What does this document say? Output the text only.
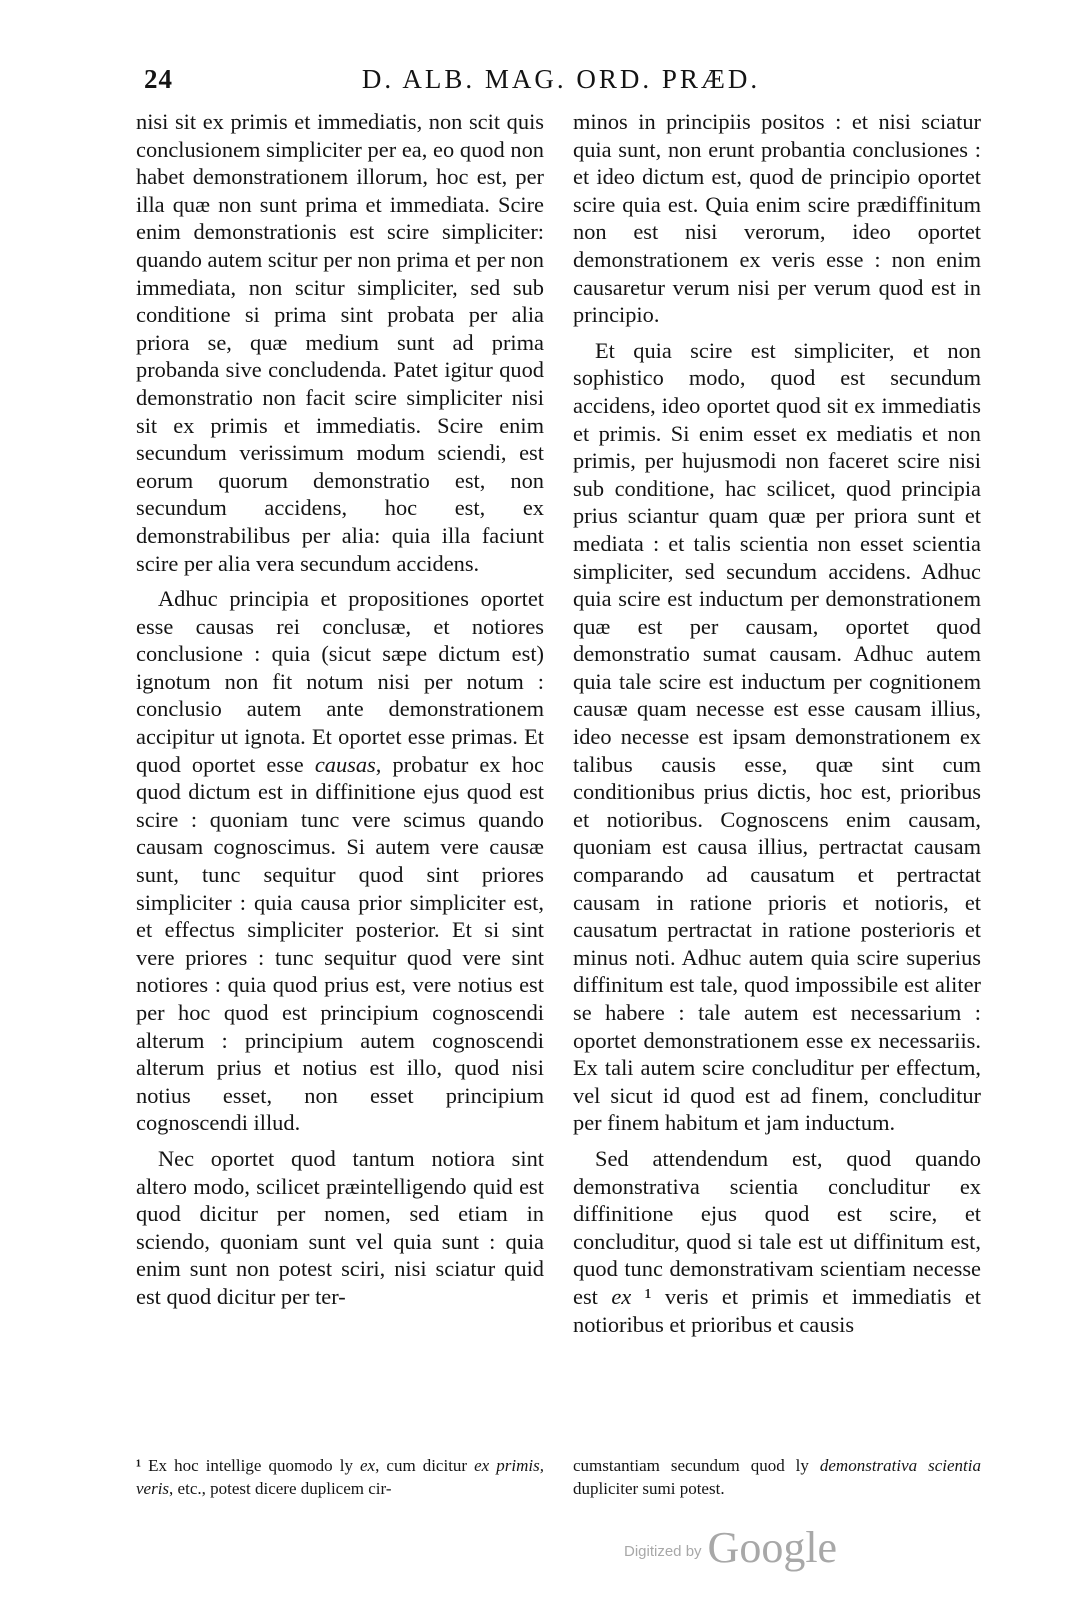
24	D. ALB. MAG. ORD. PRÆD.

nisi sit ex primis et immediatis, non scit quis conclusionem simpliciter per ea, eo quod non habet demonstrationem illorum, hoc est, per illa quæ non sunt prima et immediata. Scire enim demonstrationis est scire simpliciter: quando autem scitur per non prima et per non immediata, non scitur simpliciter, sed sub conditione si prima sint probata per alia priora se, quæ medium sunt ad prima probanda sive concludenda. Patet igitur quod demonstratio non facit scire simpliciter nisi sit ex primis et immediatis. Scire enim secundum verissimum modum sciendi, est eorum quorum demonstratio est, non secundum accidens, hoc est, ex demonstrabilibus per alia: quia illa faciunt scire per alia vera secundum accidens.

Adhuc principia et propositiones oportet esse causas rei conclusæ, et notiores conclusione : quia (sicut sæpe dictum est) ignotum non fit notum nisi per notum : conclusio autem ante demonstrationem accipitur ut ignota. Et oportet esse primas. Et quod oportet esse causas, probatur ex hoc quod dictum est in diffinitione ejus quod est scire : quoniam tunc vere scimus quando causam cognoscimus. Si autem vere causæ sunt, tunc sequitur quod sint priores simpliciter : quia causa prior simpliciter est, et effectus simpliciter posterior. Et si sint vere priores : tunc sequitur quod vere sint notiores : quia quod prius est, vere notius est per hoc quod est principium cognoscendi alterum : principium autem cognoscendi alterum prius et notius est illo, quod nisi notius esset, non esset principium cognoscendi illud.

Nec oportet quod tantum notiora sint altero modo, scilicet præintelligendo quid est quod dicitur per nomen, sed etiam in sciendo, quoniam sunt vel quia sunt : quia enim sunt non potest sciri, nisi sciatur quid est quod dicitur per ter-

minos in principiis positos : et nisi sciatur quia sunt, non erunt probantia conclusiones : et ideo dictum est, quod de principio oportet scire quia est. Quia enim scire prædiffinitum non est nisi verorum, ideo oportet demonstrationem ex veris esse : non enim causaretur verum nisi per verum quod est in principio.

Et quia scire est simpliciter, et non sophistico modo, quod est secundum accidens, ideo oportet quod sit ex immediatis et primis. Si enim esset ex mediatis et non primis, per hujusmodi non faceret scire nisi sub conditione, hac scilicet, quod principia prius sciantur quam quæ per priora sunt et mediata : et talis scientia non esset scientia simpliciter, sed secundum accidens. Adhuc quia scire est inductum per demonstrationem quæ est per causam, oportet quod demonstratio sumat causam. Adhuc autem quia tale scire est inductum per cognitionem causæ quam necesse est esse causam illius, ideo necesse est ipsam demonstrationem ex talibus causis esse, quæ sint cum conditionibus prius dictis, hoc est, prioribus et notioribus. Cognoscens enim causam, quoniam est causa illius, pertractat causam comparando ad causatum et pertractat causam in ratione prioris et notioris, et causatum pertractat in ratione posterioris et minus noti. Adhuc autem quia scire superius diffinitum est tale, quod impossibile est aliter se habere : tale autem est necessarium : oportet demonstrationem esse ex necessariis. Ex tali autem scire concluditur per effectum, vel sicut id quod est ad finem, concluditur per finem habitum et jam inductum.

Sed attendendum est, quod quando demonstrativa scientia concluditur ex diffinitione ejus quod est scire, et concluditur, quod si tale est ut diffinitum est, quod tunc demonstrativam scientiam necesse est ex ¹ veris et primis et immediatis et notioribus et prioribus et causis

¹ Ex hoc intellige quomodo ly ex, cum dicitur ex primis, veris, etc., potest dicere duplicem cir-
cumstantiam secundum quod ly demonstrativa scientia dupliciter sumi potest.
Digitized by Google
